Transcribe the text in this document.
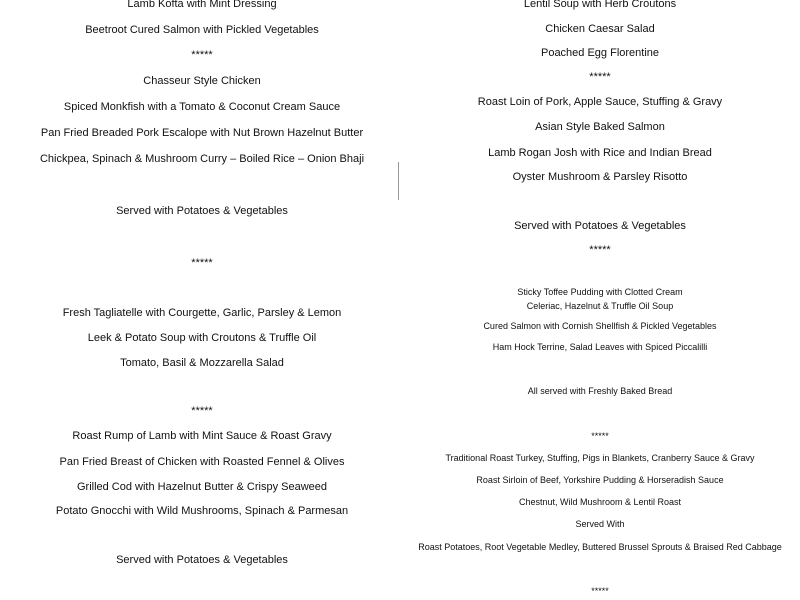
Lamb Kofta with Mint Dressing
Beetroot Cured Salmon with Pickled Vegetables
*****
Chasseur Style Chicken
Spiced Monkfish with a Tomato & Coconut Cream Sauce
Pan Fried Breaded Pork Escalope with Nut Brown Hazelnut Butter
Chickpea, Spinach & Mushroom Curry – Boiled Rice – Onion Bhaji
Served with Potatoes & Vegetables
*****
Fresh Tagliatelle with Courgette, Garlic, Parsley & Lemon
Leek & Potato Soup with Croutons & Truffle Oil
Tomato, Basil & Mozzarella Salad
*****
Roast Rump of Lamb with Mint Sauce & Roast Gravy
Pan Fried Breast of Chicken with Roasted Fennel & Olives
Grilled Cod with Hazelnut Butter & Crispy Seaweed
Potato Gnocchi with Wild Mushrooms, Spinach & Parmesan
Served with Potatoes & Vegetables
Lentil Soup with Herb Croutons
Chicken Caesar Salad
Poached Egg Florentine
*****
Roast Loin of Pork, Apple Sauce, Stuffing & Gravy
Asian Style Baked Salmon
Lamb Rogan Josh with Rice and Indian Bread
Oyster Mushroom & Parsley Risotto
Served with Potatoes & Vegetables
*****
Sticky Toffee Pudding with Clotted Cream
Celeriac, Hazelnut & Truffle Oil Soup
Cured Salmon with Cornish Shellfish & Pickled Vegetables
Ham Hock Terrine, Salad Leaves with Spiced Piccalilli
All served with Freshly Baked Bread
*****
Traditional Roast Turkey, Stuffing, Pigs in Blankets, Cranberry Sauce & Gravy
Roast Sirloin of Beef, Yorkshire Pudding & Horseradish Sauce
Chestnut, Wild Mushroom & Lentil Roast
Served With
Roast Potatoes, Root Vegetable Medley, Buttered Brussel Sprouts & Braised Red Cabbage
*****
